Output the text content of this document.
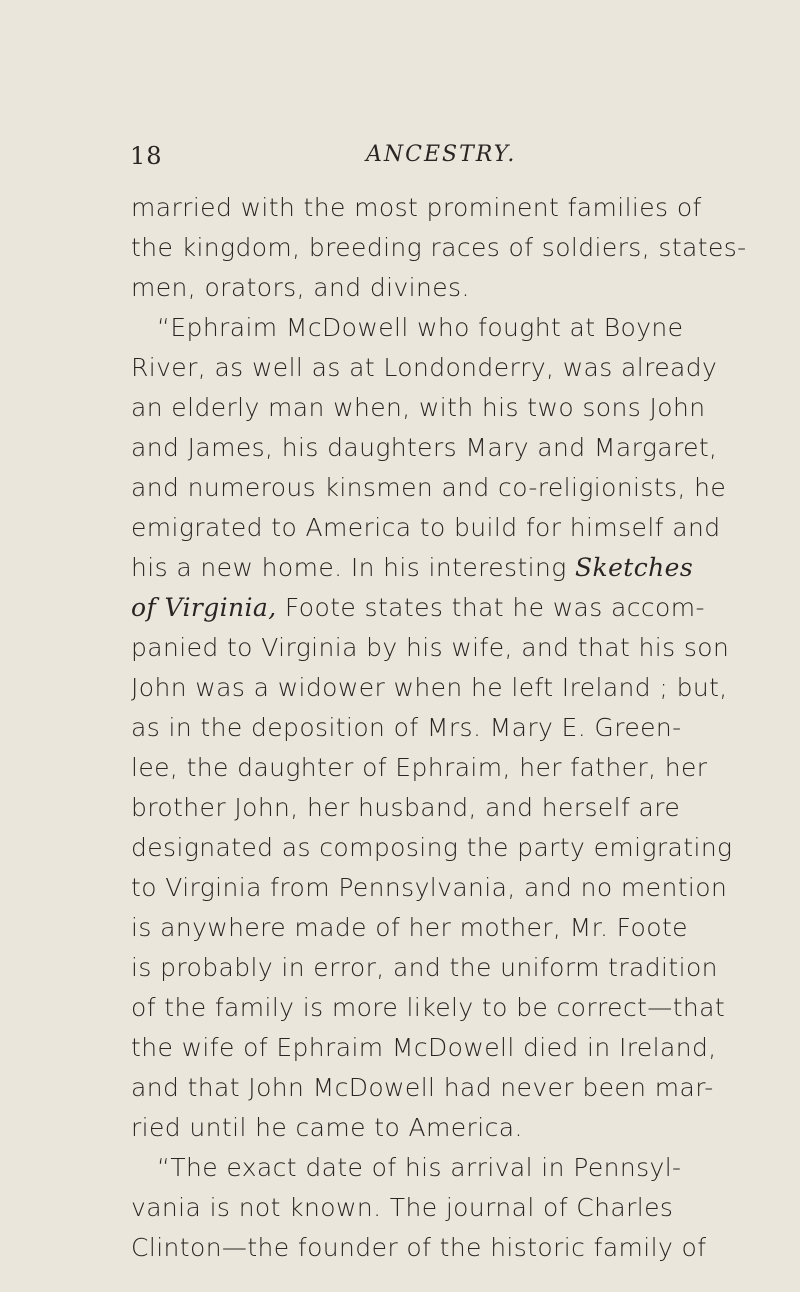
18	ANCESTRY.
married with the most prominent families of
the kingdom, breeding races of soldiers, states-
men, orators, and divines.
“Ephraim McDowell who fought at Boyne
River, as well as at Londonderry, was already
an elderly man when, with his two sons John
and James, his daughters Mary and Margaret,
and numerous kinsmen and co-religionists, he
emigrated to America to build for himself and
his a new home. In his interesting Sketches
of Virginia, Foote states that he was accom-
panied to Virginia by his wife, and that his son
John was a widower when he left Ireland ; but,
as in the deposition of Mrs. Mary E. Green-
lee, the daughter of Ephraim, her father, her
brother John, her husband, and herself are
designated as composing the party emigrating
to Virginia from Pennsylvania, and no mention
is anywhere made of her mother, Mr. Foote
is probably in error, and the uniform tradition
of the family is more likely to be correct—that
the wife of Ephraim McDowell died in Ireland,
and that John McDowell had never been mar-
ried until he came to America.
“The exact date of his arrival in Pennsyl-
vania is not known. The journal of Charles
Clinton—the founder of the historic family of
